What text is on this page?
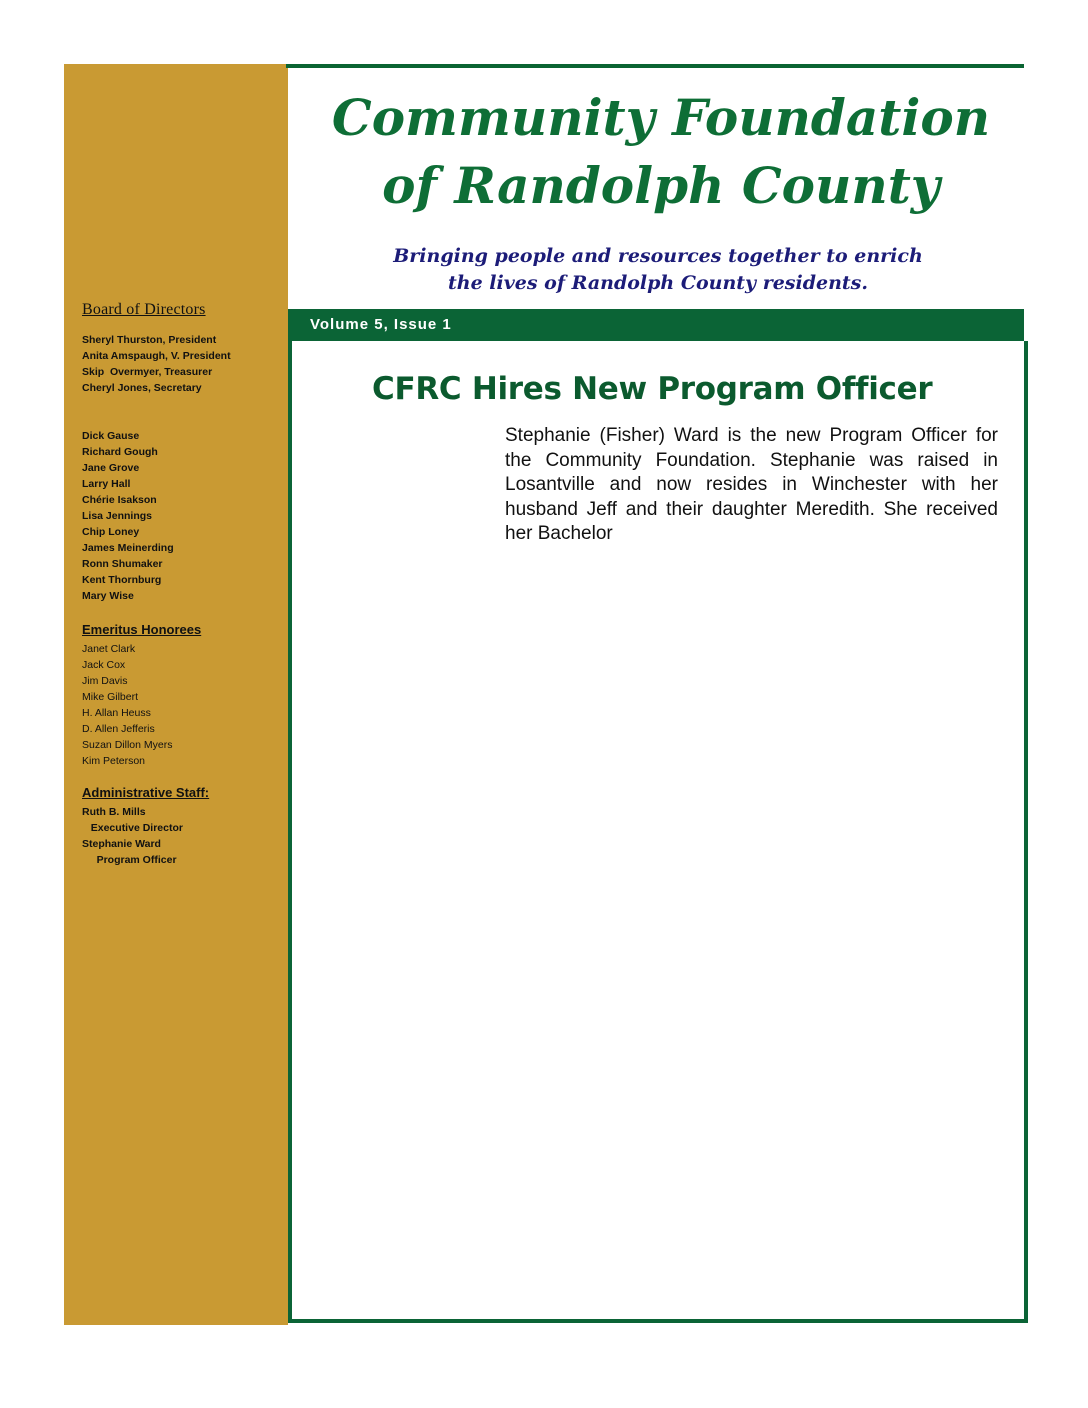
Board of Directors
Sheryl Thurston, President
Anita Amspaugh, V. President
Skip  Overmyer, Treasurer
Cheryl Jones, Secretary
Dick Gause
Richard Gough
Jane Grove
Larry Hall
Chérie Isakson
Lisa Jennings
Chip Loney
James Meinerding
Ronn Shumaker
Kent Thornburg
Mary Wise
Emeritus Honorees
Janet Clark
Jack Cox
Jim Davis
Mike Gilbert
H. Allan Heuss
D. Allen Jefferis
Suzan Dillon Myers
Kim Peterson
Administrative Staff:
Ruth B. Mills
Executive Director
Stephanie Ward
Program Officer
Community Foundation
of Randolph County

Bringing people and resources together to enrich
the lives of Randolph County residents.

Volume 5, Issue 1
CFRC Hires New Program Officer

Stephanie (Fisher) Ward is the new Program Officer for the Community Foundation. Stephanie was raised in Losantville and now resides in Winchester with her husband Jeff and their daughter Meredith. She received her Bachelor
